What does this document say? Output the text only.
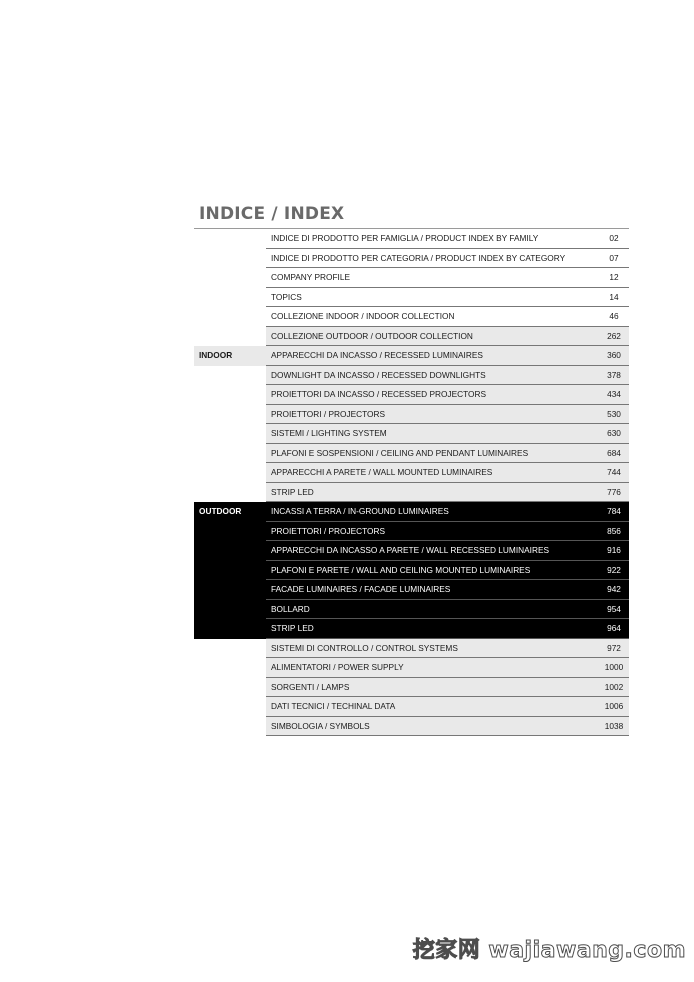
INDICE / INDEX
INDICE DI PRODOTTO PER FAMIGLIA / PRODUCT INDEX BY FAMILY	02
INDICE DI PRODOTTO PER CATEGORIA / PRODUCT INDEX BY CATEGORY	07
COMPANY PROFILE	12
TOPICS	14
COLLEZIONE INDOOR / INDOOR COLLECTION	46
COLLEZIONE OUTDOOR / OUTDOOR COLLECTION	262
INDOOR	APPARECCHI DA INCASSO / RECESSED LUMINAIRES	360
DOWNLIGHT DA INCASSO / RECESSED DOWNLIGHTS	378
PROIETTORI DA INCASSO / RECESSED PROJECTORS	434
PROIETTORI / PROJECTORS	530
SISTEMI / LIGHTING SYSTEM	630
PLAFONI E SOSPENSIONI / CEILING AND PENDANT LUMINAIRES	684
APPARECCHI A PARETE / WALL MOUNTED LUMINAIRES	744
STRIP LED	776
OUTDOOR	INCASSI A TERRA / IN-GROUND LUMINAIRES	784
PROIETTORI / PROJECTORS	856
APPARECCHI DA INCASSO A PARETE / WALL RECESSED LUMINAIRES	916
PLAFONI E PARETE / WALL AND CEILING MOUNTED LUMINAIRES	922
FACADE LUMINAIRES / FACADE LUMINAIRES	942
BOLLARD	954
STRIP LED	964
SISTEMI DI CONTROLLO / CONTROL SYSTEMS	972
ALIMENTATORI / POWER SUPPLY	1000
SORGENTI / LAMPS	1002
DATI TECNICI / TECHINAL DATA	1006
SIMBOLOGIA / SYMBOLS	1038
挖家网 wajiawang.com
